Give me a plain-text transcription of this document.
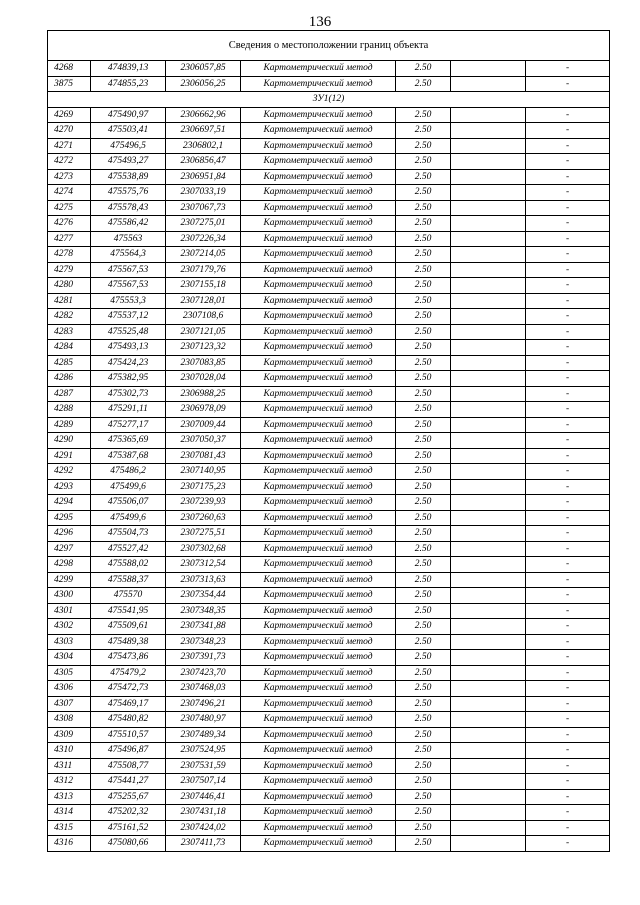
136
Сведения о местоположении границ объекта						
4268	474839,13	2306057,85	Картометрический метод	2.50		-
3875	474855,23	2306056,25	Картометрический метод	2.50		-
ЗУ1(12)						
4269	475490,97	2306662,96	Картометрический метод	2.50		-
4270	475503,41	2306697,51	Картометрический метод	2.50		-
4271	475496,5	2306802,1	Картометрический метод	2.50		-
4272	475493,27	2306856,47	Картометрический метод	2.50		-
4273	475538,89	2306951,84	Картометрический метод	2.50		-
4274	475575,76	2307033,19	Картометрический метод	2.50		-
4275	475578,43	2307067,73	Картометрический метод	2.50		-
4276	475586,42	2307275,01	Картометрический метод	2.50		-
4277	475563	2307226,34	Картометрический метод	2.50		-
4278	475564,3	2307214,05	Картометрический метод	2.50		-
4279	475567,53	2307179,76	Картометрический метод	2.50		-
4280	475567,53	2307155,18	Картометрический метод	2.50		-
4281	475553,3	2307128,01	Картометрический метод	2.50		-
4282	475537,12	2307108,6	Картометрический метод	2.50		-
4283	475525,48	2307121,05	Картометрический метод	2.50		-
4284	475493,13	2307123,32	Картометрический метод	2.50		-
4285	475424,23	2307083,85	Картометрический метод	2.50		-
4286	475382,95	2307028,04	Картометрический метод	2.50		-
4287	475302,73	2306988,25	Картометрический метод	2.50		-
4288	475291,11	2306978,09	Картометрический метод	2.50		-
4289	475277,17	2307009,44	Картометрический метод	2.50		-
4290	475365,69	2307050,37	Картометрический метод	2.50		-
4291	475387,68	2307081,43	Картометрический метод	2.50		-
4292	475486,2	2307140,95	Картометрический метод	2.50		-
4293	475499,6	2307175,23	Картометрический метод	2.50		-
4294	475506,07	2307239,93	Картометрический метод	2.50		-
4295	475499,6	2307260,63	Картометрический метод	2.50		-
4296	475504,73	2307275,51	Картометрический метод	2.50		-
4297	475527,42	2307302,68	Картометрический метод	2.50		-
4298	475588,02	2307312,54	Картометрический метод	2.50		-
4299	475588,37	2307313,63	Картометрический метод	2.50		-
4300	475570	2307354,44	Картометрический метод	2.50		-
4301	475541,95	2307348,35	Картометрический метод	2.50		-
4302	475509,61	2307341,88	Картометрический метод	2.50		-
4303	475489,38	2307348,23	Картометрический метод	2.50		-
4304	475473,86	2307391,73	Картометрический метод	2.50		-
4305	475479,2	2307423,70	Картометрический метод	2.50		-
4306	475472,73	2307468,03	Картометрический метод	2.50		-
4307	475469,17	2307496,21	Картометрический метод	2.50		-
4308	475480,82	2307480,97	Картометрический метод	2.50		-
4309	475510,57	2307489,34	Картометрический метод	2.50		-
4310	475496,87	2307524,95	Картометрический метод	2.50		-
4311	475508,77	2307531,59	Картометрический метод	2.50		-
4312	475441,27	2307507,14	Картометрический метод	2.50		-
4313	475255,67	2307446,41	Картометрический метод	2.50		-
4314	475202,32	2307431,18	Картометрический метод	2.50		-
4315	475161,52	2307424,02	Картометрический метод	2.50		-
4316	475080,66	2307411,73	Картометрический метод	2.50		-
